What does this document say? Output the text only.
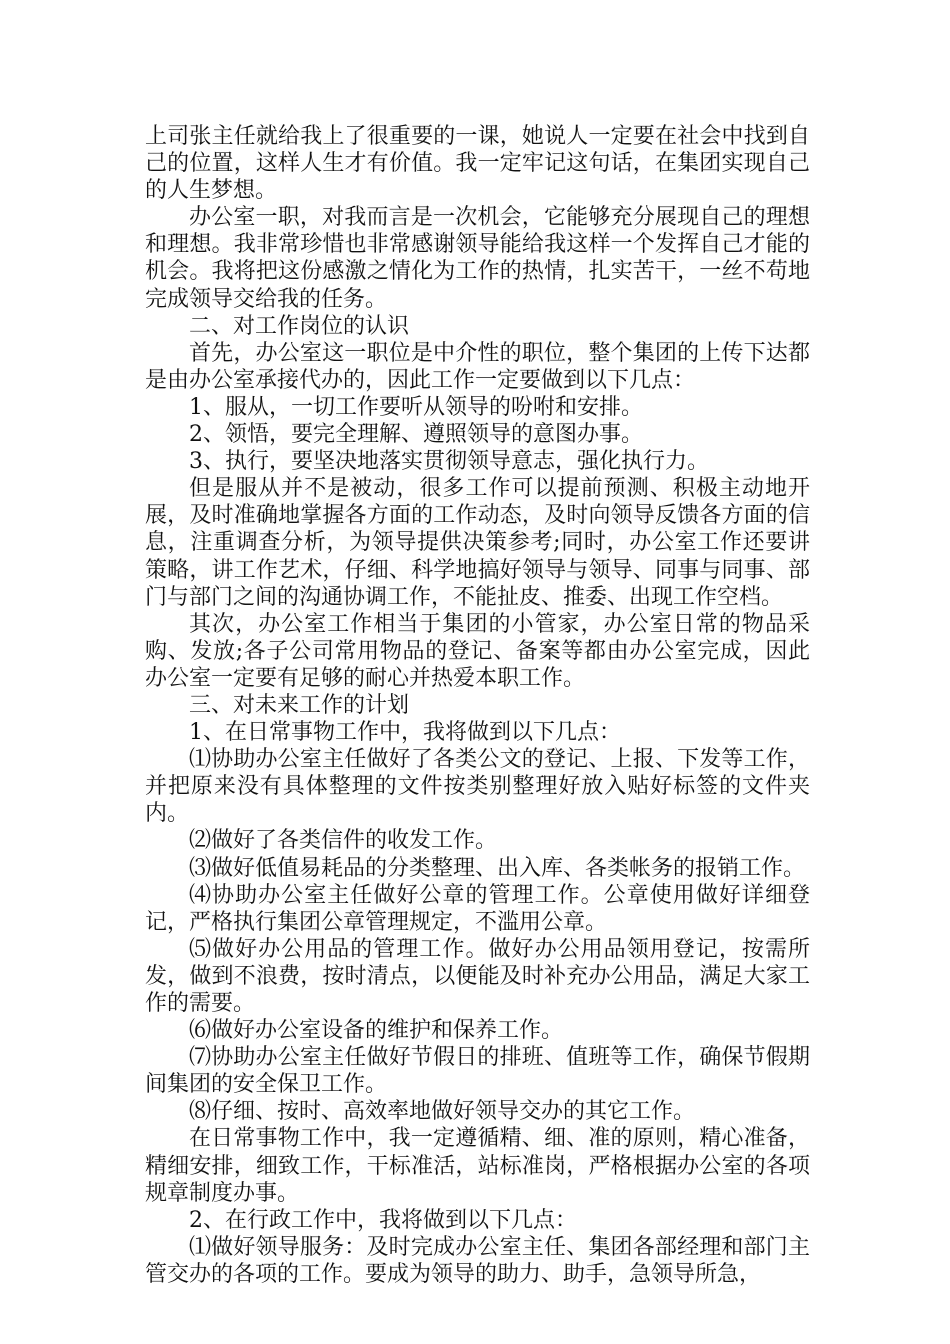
上司张主任就给我上了很重要的一课，她说人一定要在社会中找到自己的位置，这样人生才有价值。我一定牢记这句话，在集团实现自己的人生梦想。

办公室一职，对我而言是一次机会，它能够充分展现自己的理想和理想。我非常珍惜也非常感谢领导能给我这样一个发挥自己才能的机会。我将把这份感激之情化为工作的热情，扎实苦干，一丝不苟地完成领导交给我的任务。

二、对工作岗位的认识

首先，办公室这一职位是中介性的职位，整个集团的上传下达都是由办公室承接代办的，因此工作一定要做到以下几点：

1、服从，一切工作要听从领导的吩咐和安排。

2、领悟，要完全理解、遵照领导的意图办事。

3、执行，要坚决地落实贯彻领导意志，强化执行力。

但是服从并不是被动，很多工作可以提前预测、积极主动地开展，及时准确地掌握各方面的工作动态，及时向领导反馈各方面的信息，注重调查分析，为领导提供决策参考;同时，办公室工作还要讲策略，讲工作艺术，仔细、科学地搞好领导与领导、同事与同事、部门与部门之间的沟通协调工作，不能扯皮、推委、出现工作空档。

其次，办公室工作相当于集团的小管家，办公室日常的物品采购、发放;各子公司常用物品的登记、备案等都由办公室完成，因此办公室一定要有足够的耐心并热爱本职工作。

三、对未来工作的计划

1、在日常事物工作中，我将做到以下几点：

⑴协助办公室主任做好了各类公文的登记、上报、下发等工作，并把原来没有具体整理的文件按类别整理好放入贴好标签的文件夹内。

⑵做好了各类信件的收发工作。

⑶做好低值易耗品的分类整理、出入库、各类帐务的报销工作。

⑷协助办公室主任做好公章的管理工作。公章使用做好详细登记，严格执行集团公章管理规定，不滥用公章。

⑸做好办公用品的管理工作。做好办公用品领用登记，按需所发，做到不浪费，按时清点，以便能及时补充办公用品，满足大家工作的需要。

⑹做好办公室设备的维护和保养工作。

⑺协助办公室主任做好节假日的排班、值班等工作，确保节假期间集团的安全保卫工作。

⑻仔细、按时、高效率地做好领导交办的其它工作。

在日常事物工作中，我一定遵循精、细、准的原则，精心准备，精细安排，细致工作，干标准活，站标准岗，严格根据办公室的各项规章制度办事。

2、在行政工作中，我将做到以下几点：

⑴做好领导服务：及时完成办公室主任、集团各部经理和部门主管交办的各项的工作。要成为领导的助力、助手，急领导所急，
